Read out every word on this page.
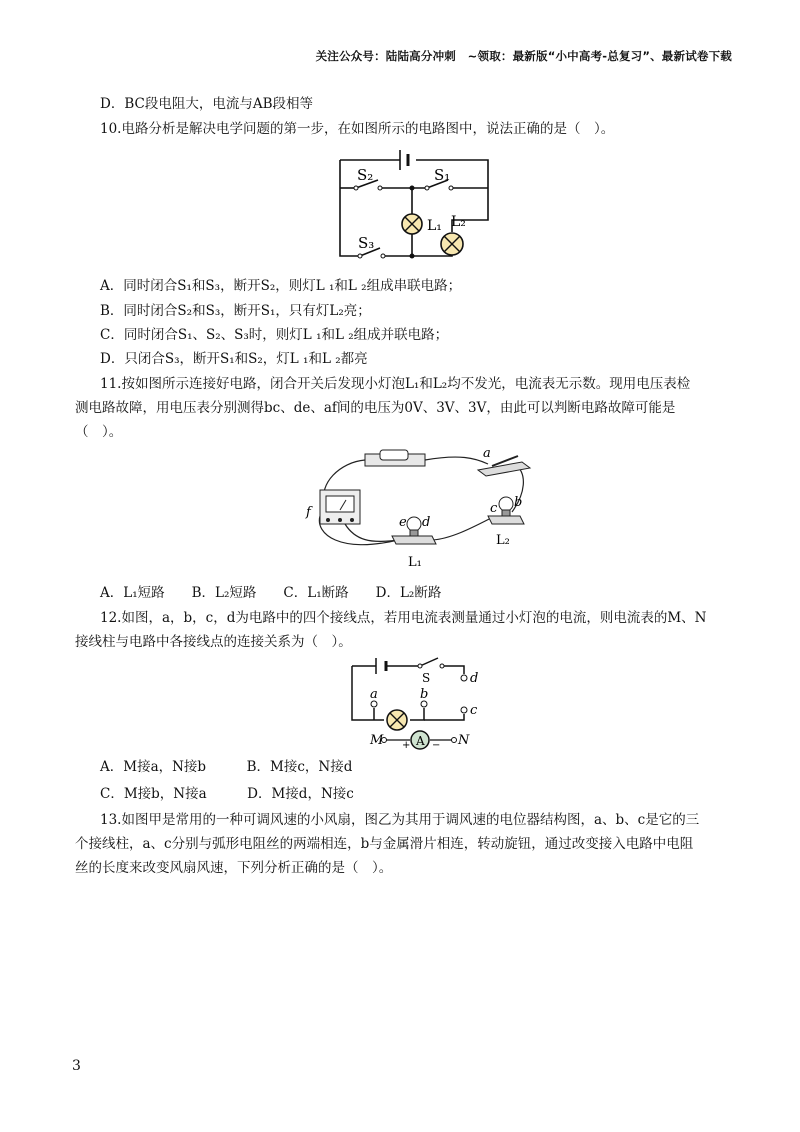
关注公众号：陆陆高分冲刺　~领取：最新版“小中高考-总复习”、最新试卷下载
D．BC段电阻大，电流与AB段相等
10.电路分析是解决电学问题的第一步，在如图所示的电路图中，说法正确的是（　）。
S₂	S₁
S₃
L₁ L₂
A．同时闭合S₁和S₃，断开S₂，则灯L ₁和L ₂组成串联电路；
B．同时闭合S₂和S₃，断开S₁，只有灯L₂亮；
C．同时闭合S₁、S₂、S₃时，则灯L ₁和L ₂组成并联电路；
D．只闭合S₃，断开S₁和S₂，灯L ₁和L ₂都亮
11.按如图所示连接好电路，闭合开关后发现小灯泡L₁和L₂均不发光，电流表无示数。现用电压表检
测电路故障，用电压表分别测得bc、de、af间的电压为0V、3V、3V，由此可以判断电路故障可能是
（　）。
a
b
c
d
e
f
L₁
L₂
A．L₁短路　　B．L₂短路　　C．L₁断路　　D．L₂断路
12.如图，a，b，c，d为电路中的四个接线点，若用电流表测量通过小灯泡的电流，则电流表的M、N
接线柱与电路中各接线点的连接关系为（　）。
A
S	d
c
a	b
M	N
+ −
A．M接a，N接b　　　B．M接c，N接d
C．M接b，N接a　　　D．M接d，N接c
13.如图甲是常用的一种可调风速的小风扇，图乙为其用于调风速的电位器结构图，a、b、c是它的三
个接线柱，a、c分别与弧形电阻丝的两端相连，b与金属滑片相连，转动旋钮，通过改变接入电路中电阻
丝的长度来改变风扇风速，下列分析正确的是（　）。
3
